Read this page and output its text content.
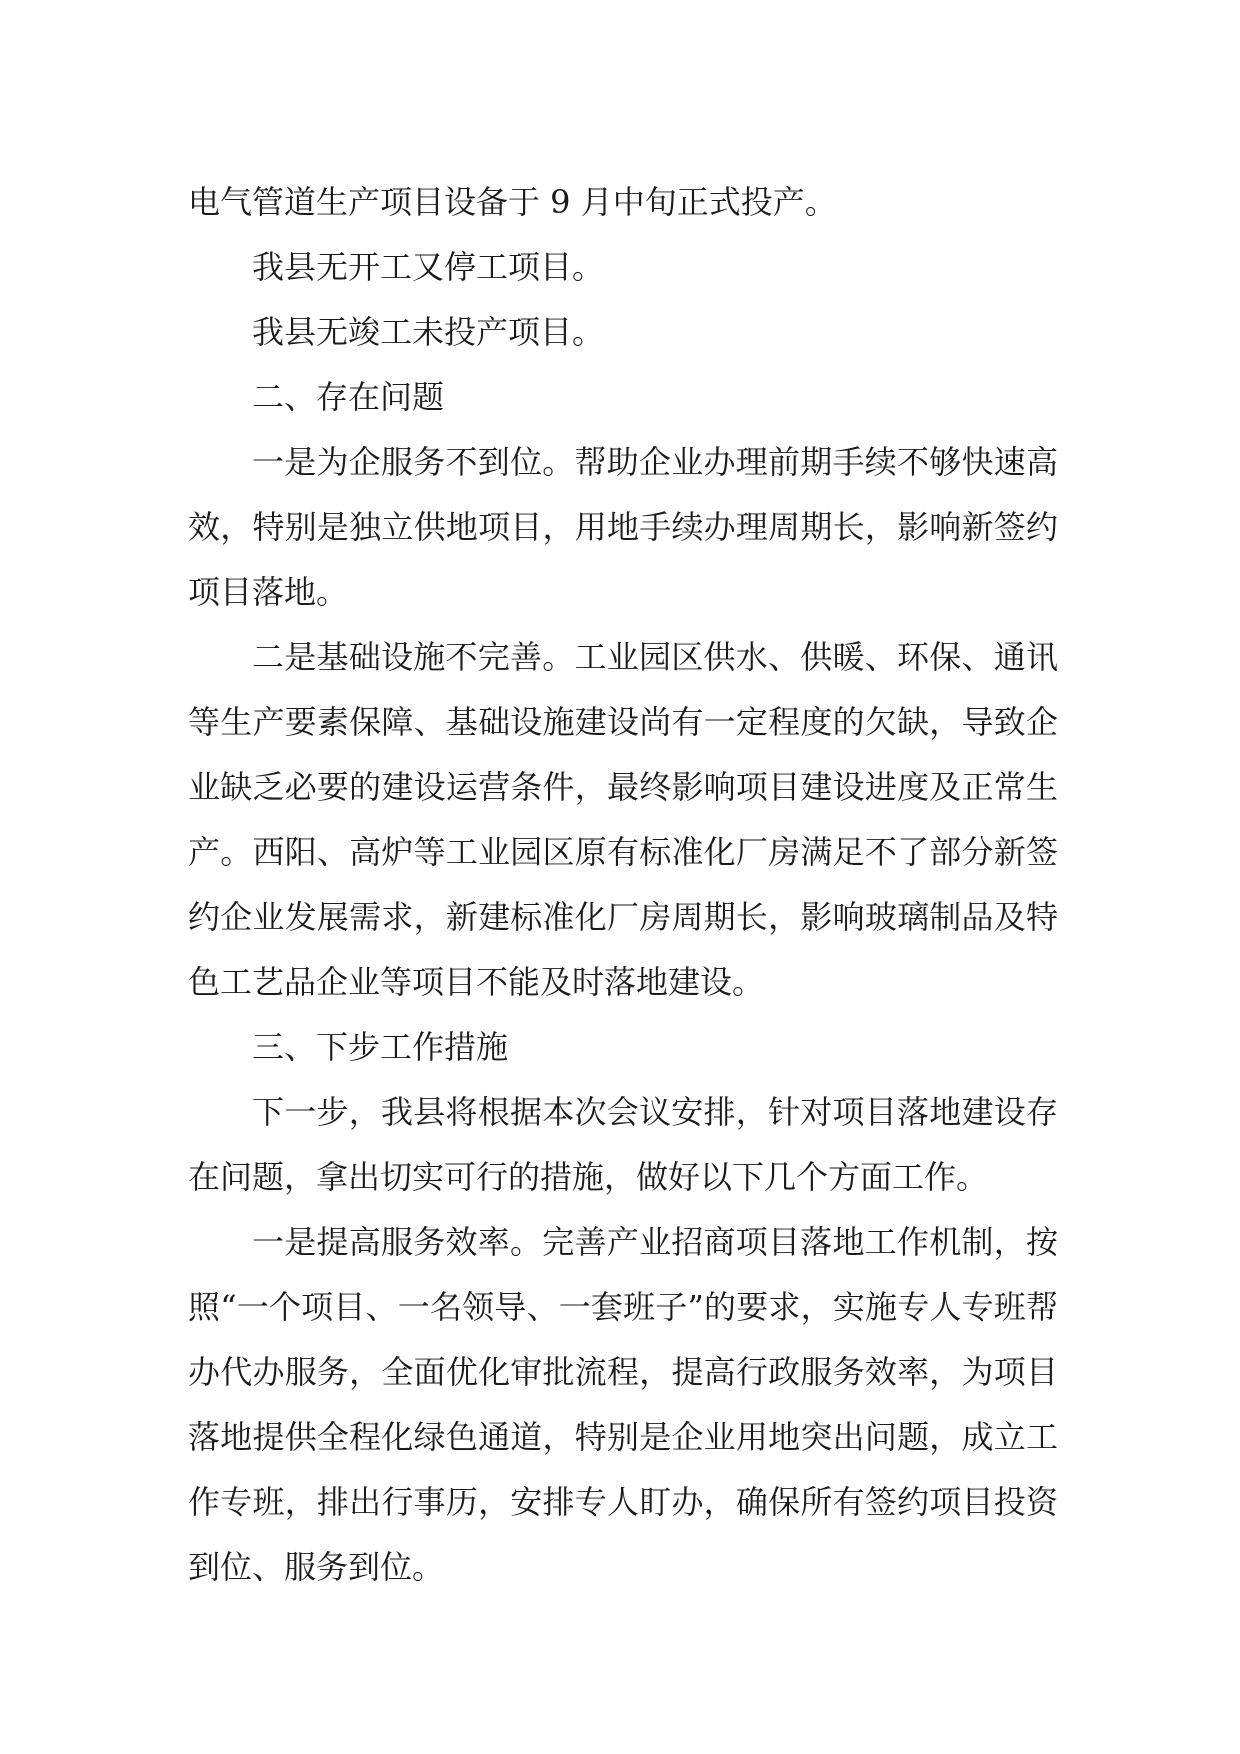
电气管道生产项目设备于 9 月中旬正式投产。

我县无开工又停工项目。

我县无竣工未投产项目。

二、存在问题

一是为企服务不到位。帮助企业办理前期手续不够快速高效，特别是独立供地项目，用地手续办理周期长，影响新签约项目落地。

二是基础设施不完善。工业园区供水、供暖、环保、通讯等生产要素保障、基础设施建设尚有一定程度的欠缺，导致企业缺乏必要的建设运营条件，最终影响项目建设进度及正常生产。西阳、高炉等工业园区原有标准化厂房满足不了部分新签约企业发展需求，新建标准化厂房周期长，影响玻璃制品及特色工艺品企业等项目不能及时落地建设。

三、下步工作措施

下一步，我县将根据本次会议安排，针对项目落地建设存在问题，拿出切实可行的措施，做好以下几个方面工作。

一是提高服务效率。完善产业招商项目落地工作机制，按照“一个项目、一名领导、一套班子”的要求，实施专人专班帮办代办服务，全面优化审批流程，提高行政服务效率，为项目落地提供全程化绿色通道，特别是企业用地突出问题，成立工作专班，排出行事历，安排专人盯办，确保所有签约项目投资到位、服务到位。
